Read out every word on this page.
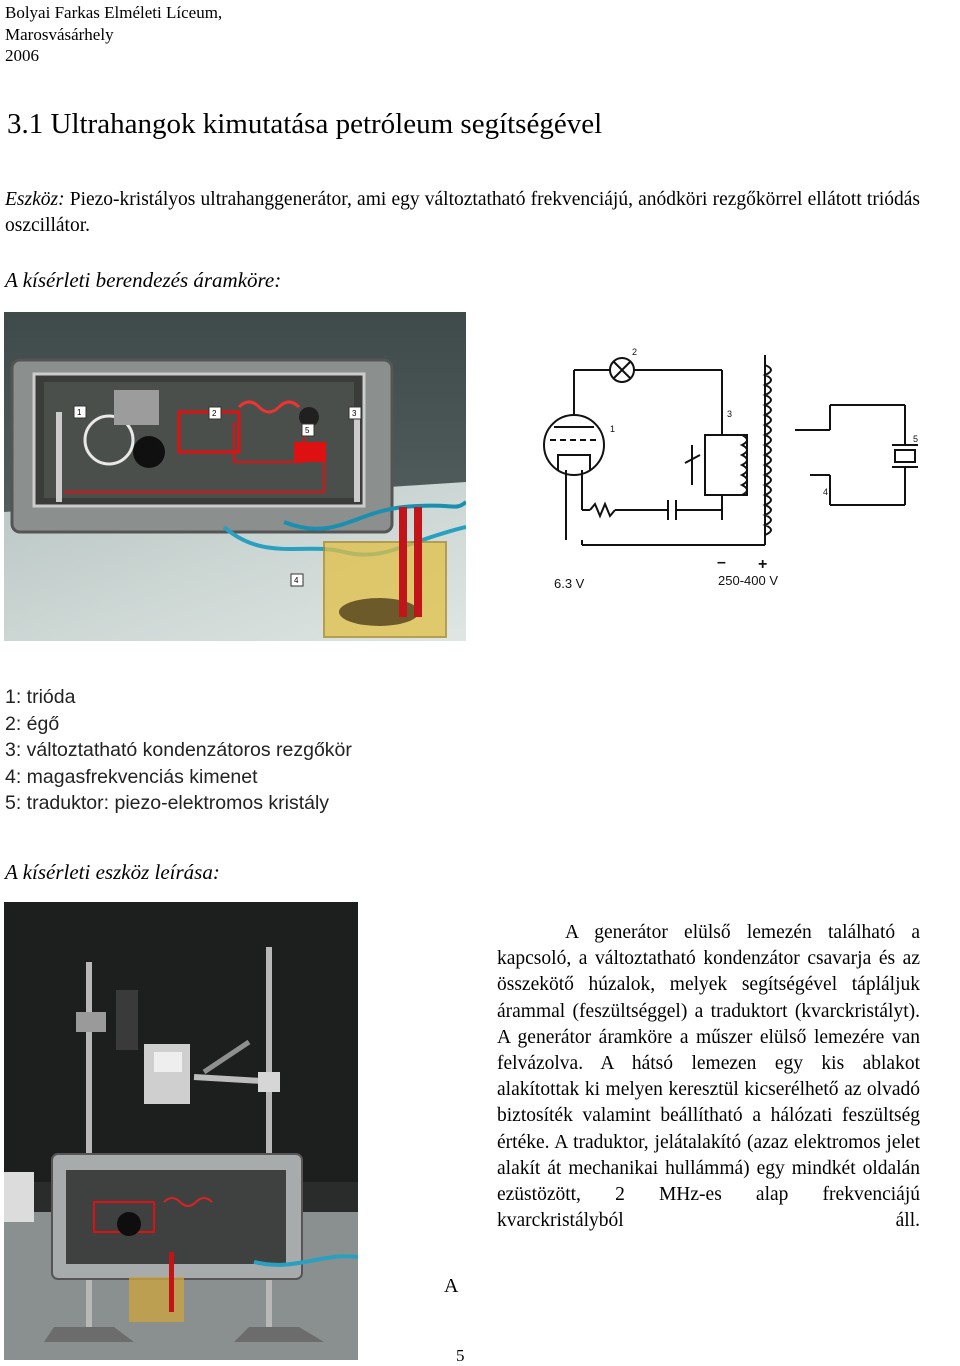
Bolyai Farkas Elméleti Líceum,
Marosvásárhely
2006
3.1 Ultrahangok kimutatása petróleum segítségével
Eszköz: Piezo-kristályos ultrahanggenerátor, ami egy változtatható frekvenciájú, anódköri rezgőkörrel ellátott triódás oszcillátor.
A kísérleti berendezés áramköre:
1	2	3
4
5	1
2
3
4
5
– +
6.3 V	250-400 V
1: trióda
2: égő
3: változtatható kondenzátoros rezgőkör
4: magasfrekvenciás kimenet
5: traduktor: piezo-elektromos kristály
A kísérleti eszköz leírása:
A generátor elülső lemezén található a kapcsoló, a változtatható kondenzátor csavarja és az összekötő húzalok, melyek segítségével tápláljuk árammal (feszültséggel) a traduktort (kvarckristályt). A generátor áramköre a műszer elülső lemezére van felvázolva. A hátsó lemezen egy kis ablakot alakítottak ki melyen keresztül kicserélhető az olvadó biztosíték valamint beállítható a hálózati feszültség értéke. A traduktor, jelátalakító (azaz elektromos jelet alakít át mechanikai hullámmá) egy mindkét oldalán ezüstözött, 2 MHz-es alap frekvenciájú kvarckristályból áll.
A
5
